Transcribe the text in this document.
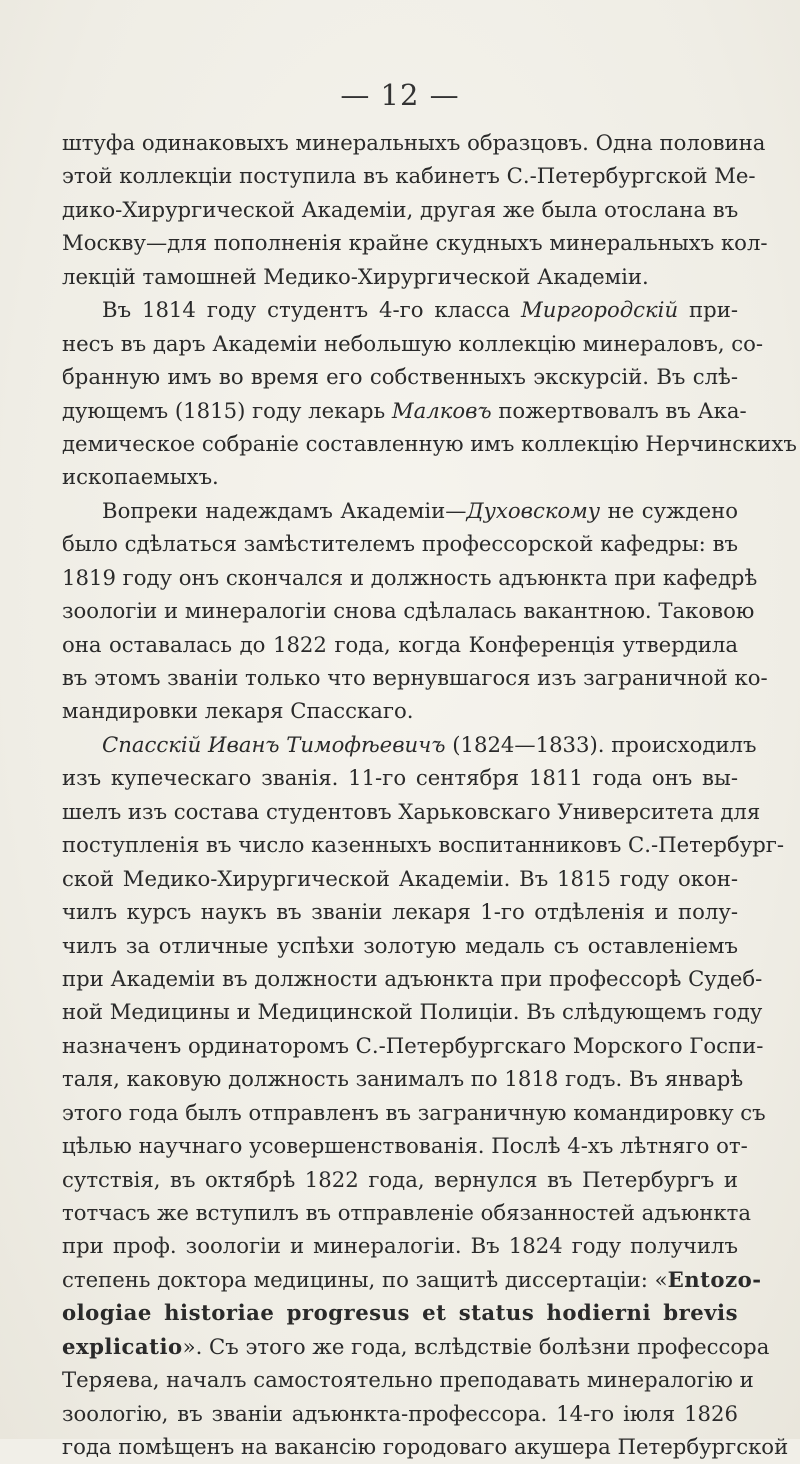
— 12 —
штуфа одинаковыхъ минеральныхъ образцовъ. Одна половина
этой коллекціи поступила въ кабинетъ С.-Петербургской Ме-
дико-Хирургической Академіи, другая же была отослана въ
Москву—для пополненія крайне скудныхъ минеральныхъ кол-
лекцій тамошней Медико-Хирургической Академіи.
Въ 1814 году студентъ 4-го класса Миргородскій при-
несъ въ даръ Академіи небольшую коллекцію минераловъ, со-
бранную имъ во время его собственныхъ экскурсій. Въ слѣ-
дующемъ (1815) году лекарь Малковъ пожертвовалъ въ Ака-
демическое собраніе составленную имъ коллекцію Нерчинскихъ
ископаемыхъ.
Вопреки надеждамъ Академіи—Духовскому не суждено
было сдѣлаться замѣстителемъ профессорской кафедры: въ
1819 году онъ скончался и должность адъюнкта при кафедрѣ
зоологіи и минералогіи снова сдѣлалась вакантною. Таковою
она оставалась до 1822 года, когда Конференція утвердила
въ этомъ званіи только что вернувшагося изъ заграничной ко-
мандировки лекаря Спасскаго.
Спасскій Иванъ Тимофѣевичъ (1824—1833). происходилъ
изъ купеческаго званія. 11-го сентября 1811 года онъ вы-
шелъ изъ состава студентовъ Харьковскаго Университета для
поступленія въ число казенныхъ воспитанниковъ С.-Петербург-
ской Медико-Хирургической Академіи. Въ 1815 году окон-
чилъ курсъ наукъ въ званіи лекаря 1-го отдѣленія и полу-
чилъ за отличные успѣхи золотую медаль съ оставленіемъ
при Академіи въ должности адъюнкта при профессорѣ Судеб-
ной Медицины и Медицинской Полиціи. Въ слѣдующемъ году
назначенъ ординаторомъ С.-Петербургскаго Морского Госпи-
таля, каковую должность занималъ по 1818 годъ. Въ январѣ
этого года былъ отправленъ въ заграничную командировку съ
цѣлью научнаго усовершенствованія. Послѣ 4-хъ лѣтняго от-
сутствія, въ октябрѣ 1822 года, вернулся въ Петербургъ и
тотчасъ же вступилъ въ отправленіе обязанностей адъюнкта
при проф. зоологіи и минералогіи. Въ 1824 году получилъ
степень доктора медицины, по защитѣ диссертаціи: «Entozo-
ologiae historiae progresus et status hodierni brevis
explicatio». Съ этого же года, вслѣдствіе болѣзни профессора
Теряева, началъ самостоятельно преподавать минералогію и
зоологію, въ званіи адъюнкта-профессора. 14-го іюля 1826
года помѣщенъ на вакансію городоваго акушера Петербургской
